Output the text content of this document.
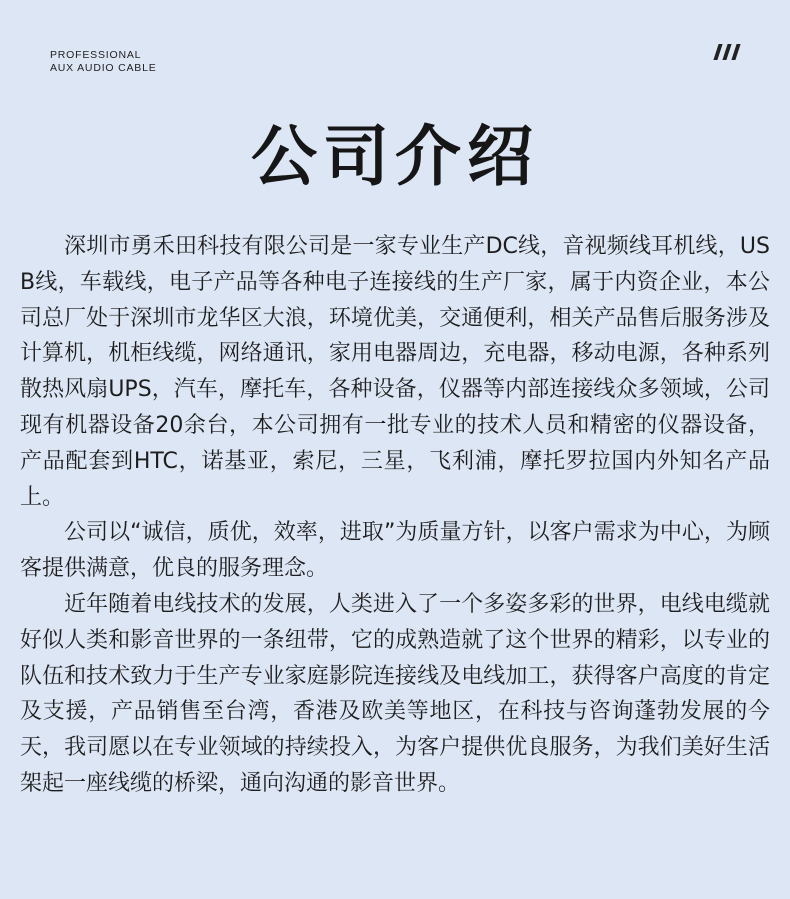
PROFESSIONAL
AUX AUDIO CABLE
公司介绍

深圳市勇禾田科技有限公司是一家专业生产DC线，音视频线耳机线，USB线，车载线，电子产品等各种电子连接线的生产厂家，属于内资企业，本公司总厂处于深圳市龙华区大浪，环境优美，交通便利，相关产品售后服务涉及计算机，机柜线缆，网络通讯，家用电器周边，充电器，移动电源，各种系列散热风扇UPS，汽车，摩托车，各种设备，仪器等内部连接线众多领域，公司现有机器设备20余台，本公司拥有一批专业的技术人员和精密的仪器设备，产品配套到HTC，诺基亚，索尼，三星，飞利浦，摩托罗拉国内外知名产品上。

公司以“诚信，质优，效率，进取”为质量方针，以客户需求为中心，为顾客提供满意，优良的服务理念。

近年随着电线技术的发展，人类进入了一个多姿多彩的世界，电线电缆就好似人类和影音世界的一条纽带，它的成熟造就了这个世界的精彩，以专业的队伍和技术致力于生产专业家庭影院连接线及电线加工，获得客户高度的肯定及支援，产品销售至台湾，香港及欧美等地区，在科技与咨询蓬勃发展的今天，我司愿以在专业领域的持续投入，为客户提供优良服务，为我们美好生活架起一座线缆的桥梁，通向沟通的影音世界。
